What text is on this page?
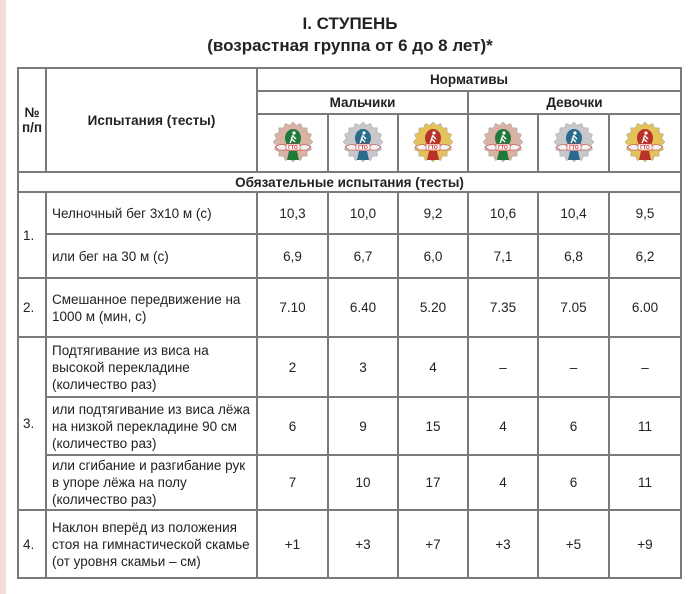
I. СТУПЕНЬ
(возрастная группа от 6 до 8 лет)*
№ п/п	Испытания (тесты)	Нормативы					
		Мальчики			Девочки		

ГТО	ГТО	ГТО	ГТО	ГТО	ГТО

Обязательные испытания (тесты)							
1.	Челночный бег 3х10 м (с)	10,3	10,0	9,2	10,6	10,4	9,5
	или бег на 30 м (с)	6,9	6,7	6,0	7,1	6,8	6,2
2.	Смешанное передвижение на 1000 м (мин, с)	7.10	6.40	5.20	7.35	7.05	6.00
3.	Подтягивание из виса на высокой перекладине (количество раз)	2	3	4	–	–	–
	или подтягивание из виса лёжа на низкой перекладине 90 см (количество раз)	6	9	15	4	6	11
	или сгибание и разгибание рук в упоре лёжа на полу (количество раз)	7	10	17	4	6	11
4.	Наклон вперёд из положения стоя на гимнастической скамье (от уровня скамьи – см)	+1	+3	+7	+3	+5	+9
